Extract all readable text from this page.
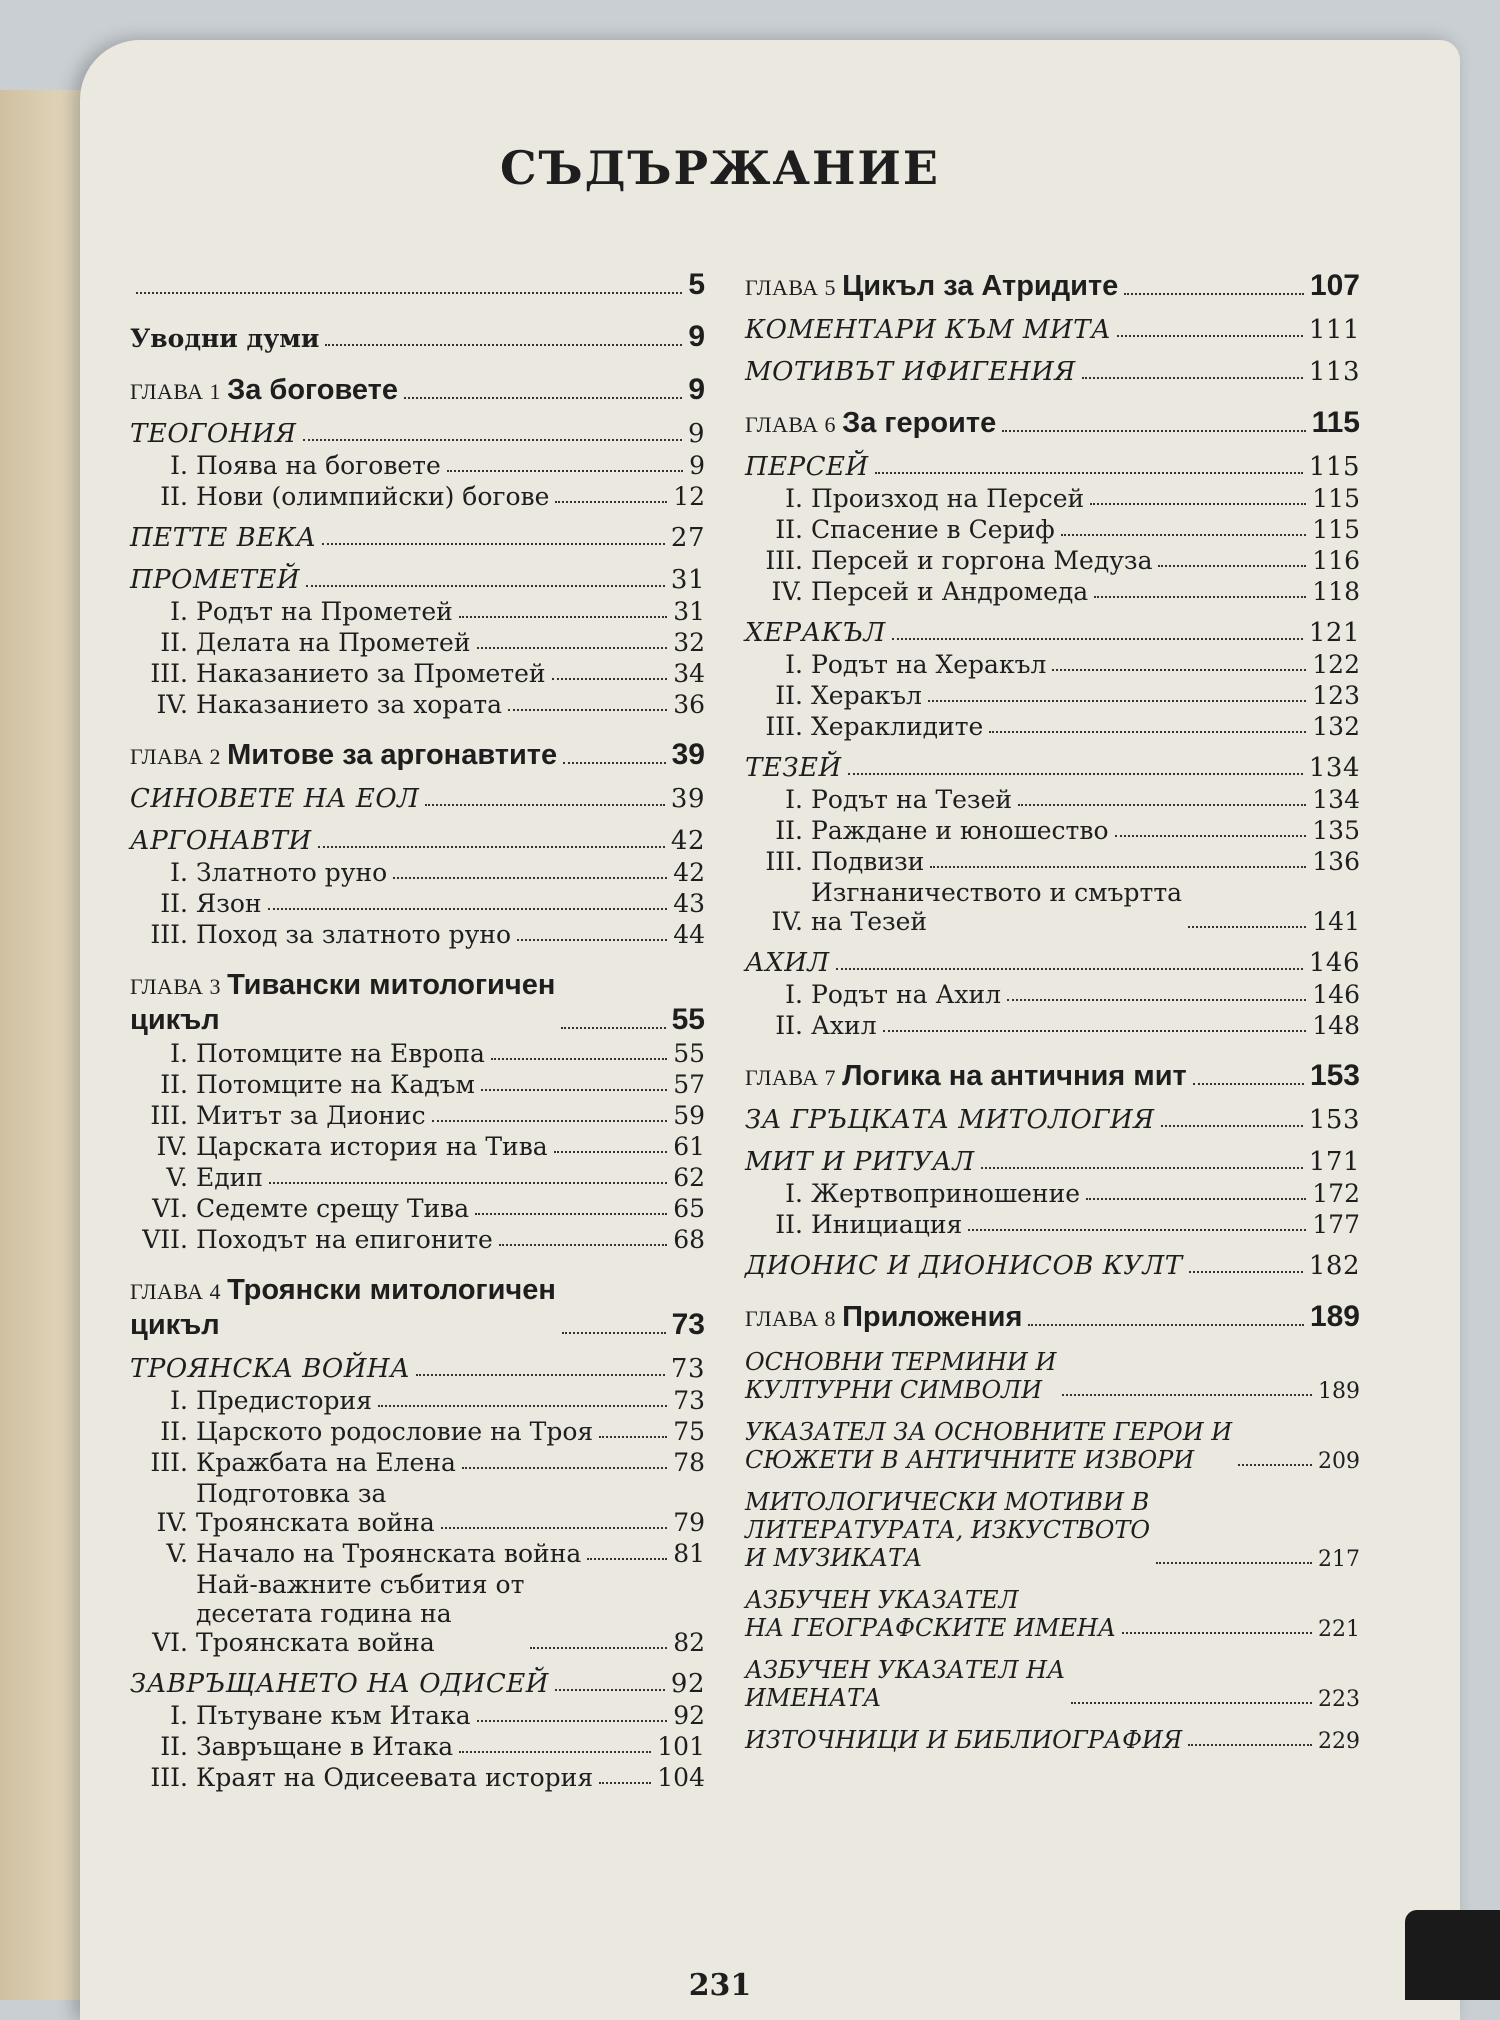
СЪДЪРЖАНИЕ
5
Уводни думи	9
ГЛАВА 1 За боговете	9
ТЕОГОНИЯ	9
I. Поява на боговете	9
II. Нови (олимпийски) богове	12
ПЕТТЕ ВЕКА	27
ПРОМЕТЕЙ	31
I. Родът на Прометей	31
II. Делата на Прометей	32
III. Наказанието за Прометей	34
IV. Наказанието за хората	36
ГЛАВА 2 Митове за аргонавтите	39
СИНОВЕТЕ НА ЕОЛ	39
АРГОНАВТИ	42
I. Златното руно	42
II. Язон	43
III. Поход за златното руно	44
ГЛАВА 3 Тивански митологичен
цикъл	55
I. Потомците на Европа	55
II. Потомците на Кадъм	57
III. Митът за Дионис	59
IV. Царската история на Тива	61
V. Едип	62
VI. Седемте срещу Тива	65
VII. Походът на епигоните	68
ГЛАВА 4 Троянски митологичен
цикъл	73
ТРОЯНСКА ВОЙНА	73
I. Предистория	73
II. Царското родословие на Троя	75
III. Кражбата на Елена	78
IV.Подготовка за
Троянската война	79
V. Начало на Троянската война	81
VI.Най-важните събития от
десетата година на
Троянската война	82
ЗАВРЪЩАНЕТО НА ОДИСЕЙ	92
I. Пътуване към Итака	92
II. Завръщане в Итака	101
III. Краят на Одисеевата история	104
ГЛАВА 5 Цикъл за Атридите	107
КОМЕНТАРИ КЪМ МИТА	111
МОТИВЪТ ИФИГЕНИЯ	113
ГЛАВА 6 За героите	115
ПЕРСЕЙ	115
I. Произход на Персей	115
II. Спасение в Сериф	115
III. Персей и горгона Медуза	116
IV. Персей и Андромеда	118
ХЕРАКЪЛ	121
I. Родът на Херакъл	122
II. Херакъл	123
III. Хераклидите	132
ТЕЗЕЙ	134
I. Родът на Тезей	134
II. Раждане и юношество	135
III. Подвизи	136
IV.Изгнаничеството и смъртта
на Тезей	141
АХИЛ	146
I. Родът на Ахил	146
II. Ахил	148
ГЛАВА 7 Логика на античния мит	153
ЗА ГРЪЦКАТА МИТОЛОГИЯ	153
МИТ И РИТУАЛ	171
I. Жертвоприношение	172
II. Инициация	177
ДИОНИС И ДИОНИСОВ КУЛТ	182
ГЛАВА 8 Приложения	189
ОСНОВНИ ТЕРМИНИ И
КУЛТУРНИ СИМВОЛИ	189
УКАЗАТЕЛ ЗА ОСНОВНИТЕ ГЕРОИ И
СЮЖЕТИ В АНТИЧНИТЕ ИЗВОРИ	209
МИТОЛОГИЧЕСКИ МОТИВИ В
ЛИТЕРАТУРАТА, ИЗКУСТВОТО
И МУЗИКАТА	217
АЗБУЧЕН УКАЗАТЕЛ
НА ГЕОГРАФСКИТЕ ИМЕНА	221
АЗБУЧЕН УКАЗАТЕЛ НА
ИМЕНАТА	223
ИЗТОЧНИЦИ И БИБЛИОГРАФИЯ	229
231
